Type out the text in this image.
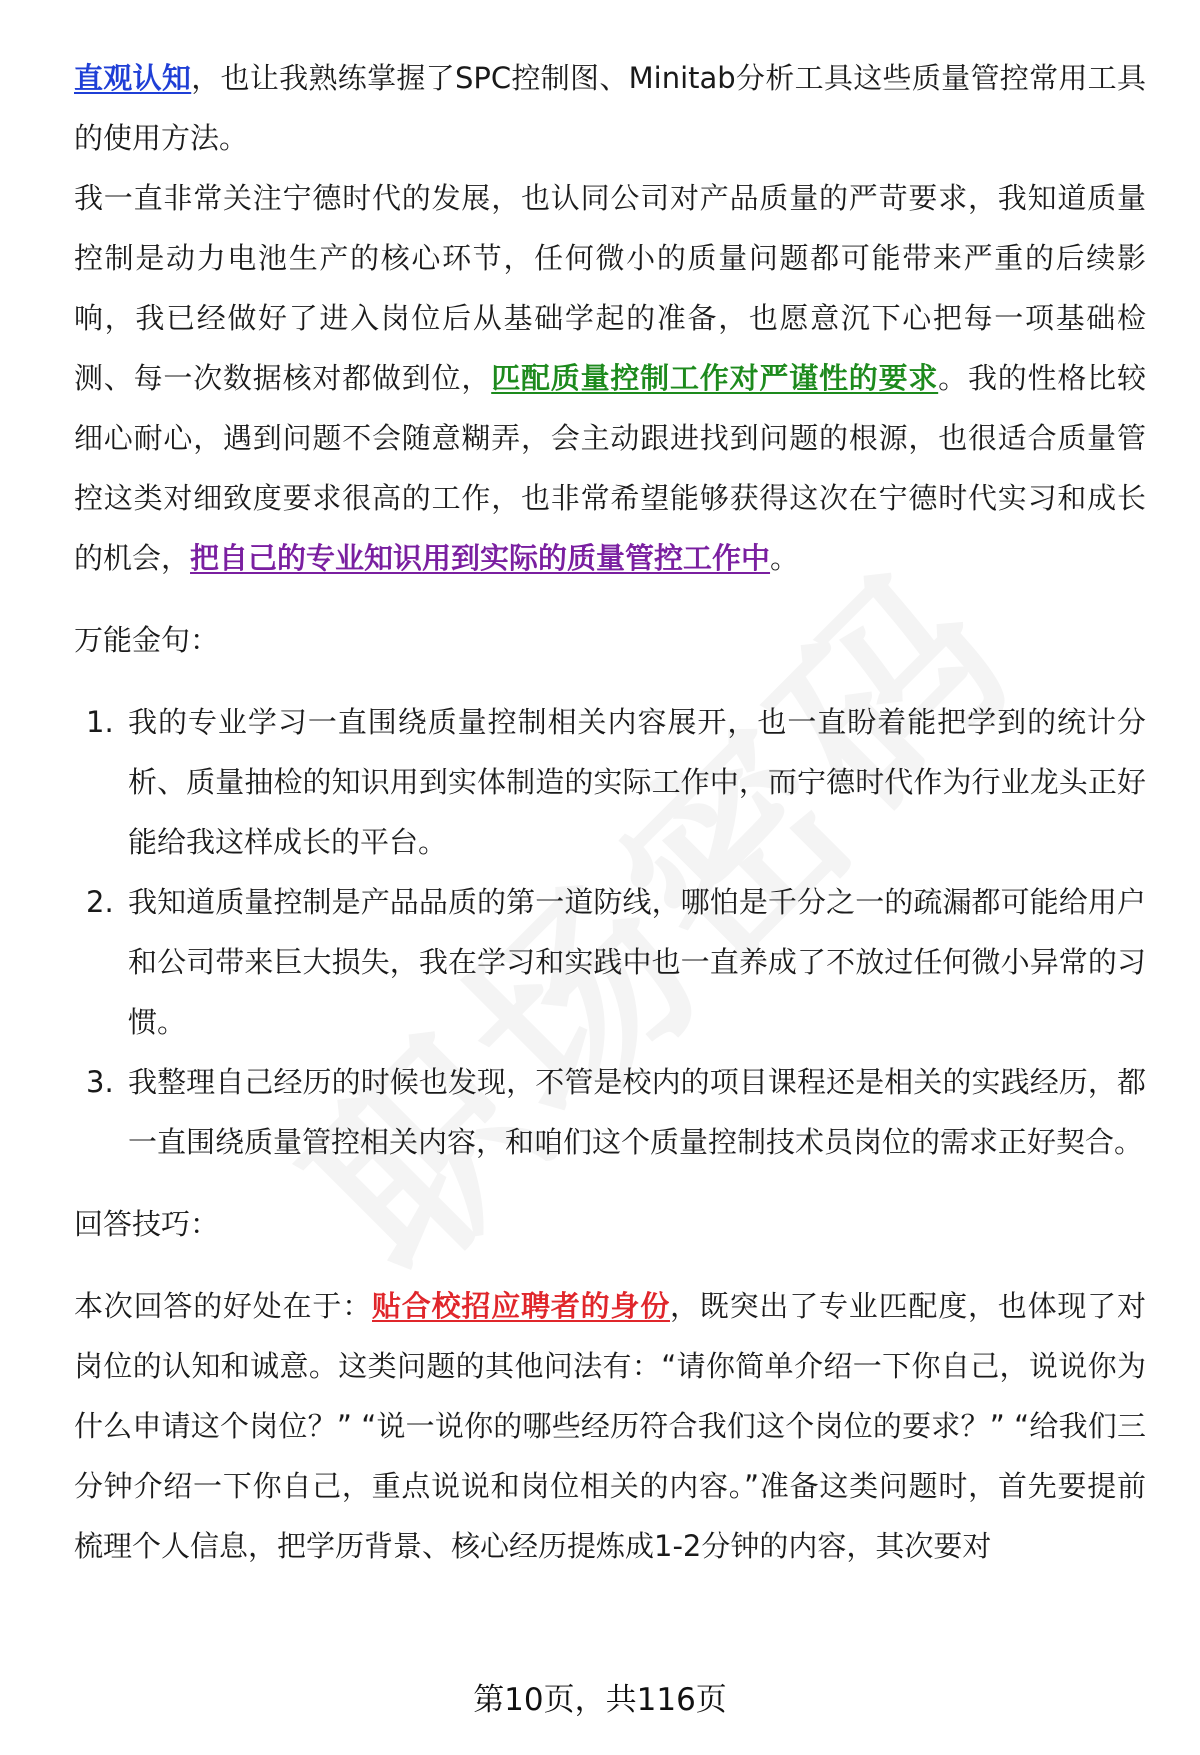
直观认知，也让我熟练掌握了SPC控制图、Minitab分析工具这些质量管控常用工具的使用方法。

我一直非常关注宁德时代的发展，也认同公司对产品质量的严苛要求，我知道质量控制是动力电池生产的核心环节，任何微小的质量问题都可能带来严重的后续影响，我已经做好了进入岗位后从基础学起的准备，也愿意沉下心把每一项基础检测、每一次数据核对都做到位，匹配质量控制工作对严谨性的要求。我的性格比较细心耐心，遇到问题不会随意糊弄，会主动跟进找到问题的根源，也很适合质量管控这类对细致度要求很高的工作，也非常希望能够获得这次在宁德时代实习和成长的机会，把自己的专业知识用到实际的质量管控工作中。

万能金句：
1. 我的专业学习一直围绕质量控制相关内容展开，也一直盼着能把学到的统计分析、质量抽检的知识用到实体制造的实际工作中，而宁德时代作为行业龙头正好能给我这样成长的平台。
2. 我知道质量控制是产品品质的第一道防线，哪怕是千分之一的疏漏都可能给用户和公司带来巨大损失，我在学习和实践中也一直养成了不放过任何微小异常的习惯。
3. 我整理自己经历的时候也发现，不管是校内的项目课程还是相关的实践经历，都一直围绕质量管控相关内容，和咱们这个质量控制技术员岗位的需求正好契合。
回答技巧：

本次回答的好处在于：贴合校招应聘者的身份，既突出了专业匹配度，也体现了对岗位的认知和诚意。这类问题的其他问法有：“请你简单介绍一下你自己，说说你为什么申请这个岗位？” “说一说你的哪些经历符合我们这个岗位的要求？” “给我们三分钟介绍一下你自己，重点说说和岗位相关的内容。”准备这类问题时，首先要提前梳理个人信息，把学历背景、核心经历提炼成1-2分钟的内容，其次要对

第10页，共116页
